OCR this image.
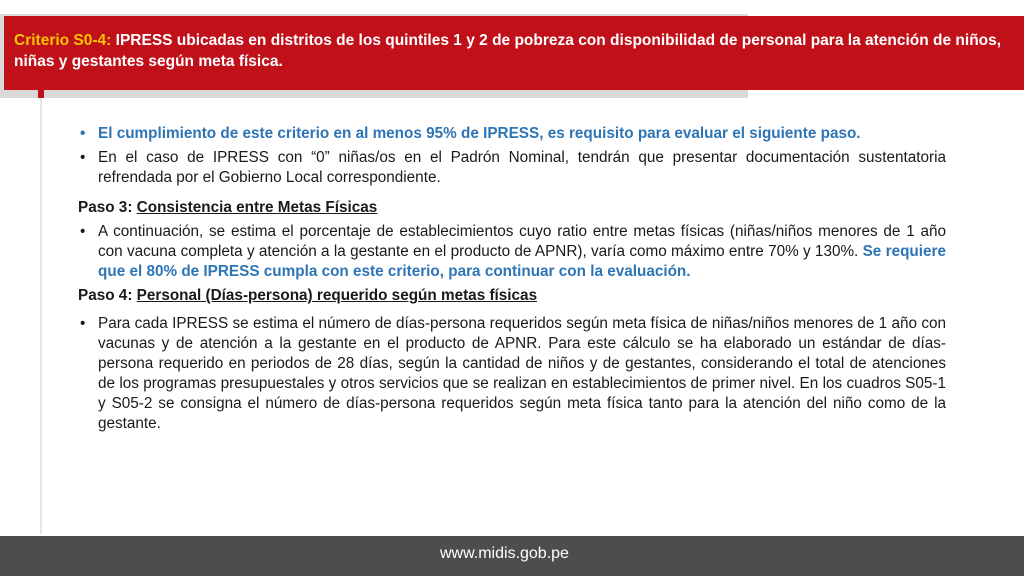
Criterio S0-4: IPRESS ubicadas en distritos de los quintiles 1 y 2 de pobreza con disponibilidad de personal para la atención de niños, niñas y gestantes según meta física.
• El cumplimiento de este criterio en al menos 95% de IPRESS, es requisito para evaluar el siguiente paso.
• En el caso de IPRESS con “0” niñas/os en el Padrón Nominal, tendrán que presentar documentación sustentatoria refrendada por el Gobierno Local correspondiente.
Paso 3: Consistencia entre Metas Físicas
• A continuación, se estima el porcentaje de establecimientos cuyo ratio entre metas físicas (niñas/niños menores de 1 año con vacuna completa y atención a la gestante en el producto de APNR), varía como máximo entre 70% y 130%. Se requiere que el 80% de IPRESS cumpla con este criterio, para continuar con la evaluación.
Paso 4: Personal (Días-persona) requerido según metas físicas
• Para cada IPRESS se estima el número de días-persona requeridos según meta física de niñas/niños menores de 1 año con vacunas y de atención a la gestante en el producto de APNR. Para este cálculo se ha elaborado un estándar de días-persona requerido en periodos de 28 días, según la cantidad de niños y de gestantes, considerando el total de atenciones de los programas presupuestales y otros servicios que se realizan en establecimientos de primer nivel. En los cuadros S05-1 y S05-2 se consigna el número de días-persona requeridos según meta física tanto para la atención del niño como de la gestante.
www.midis.gob.pe
